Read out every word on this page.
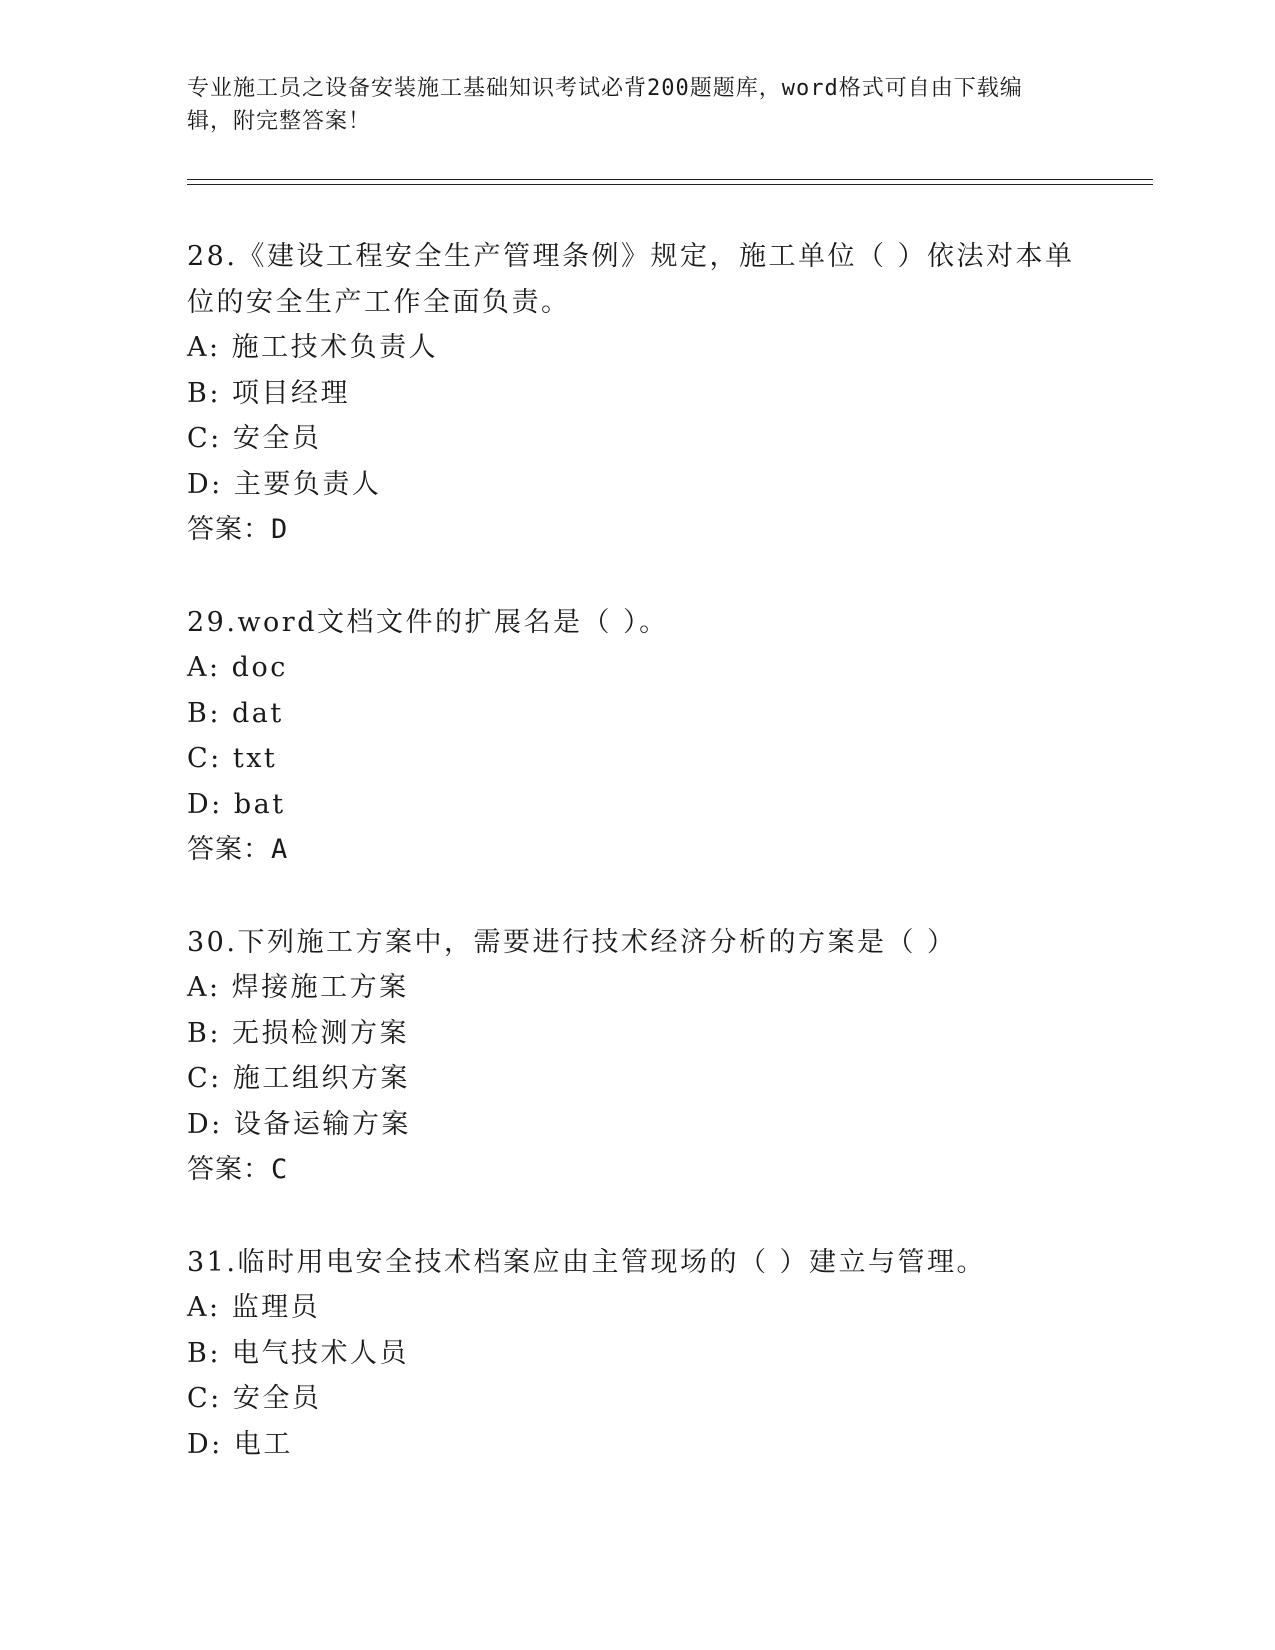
专业施工员之设备安装施工基础知识考试必背200题题库，word格式可自由下载编辑，附完整答案！
28.《建设工程安全生产管理条例》规定，施工单位（ ）依法对本单位的安全生产工作全面负责。
A: 施工技术负责人
B: 项目经理
C: 安全员
D: 主要负责人
答案：D
29.word文档文件的扩展名是（ ）。
A: doc
B: dat
C: txt
D: bat
答案：A
30.下列施工方案中，需要进行技术经济分析的方案是（ ）
A: 焊接施工方案
B: 无损检测方案
C: 施工组织方案
D: 设备运输方案
答案：C
31.临时用电安全技术档案应由主管现场的（ ）建立与管理。
A: 监理员
B: 电气技术人员
C: 安全员
D: 电工
